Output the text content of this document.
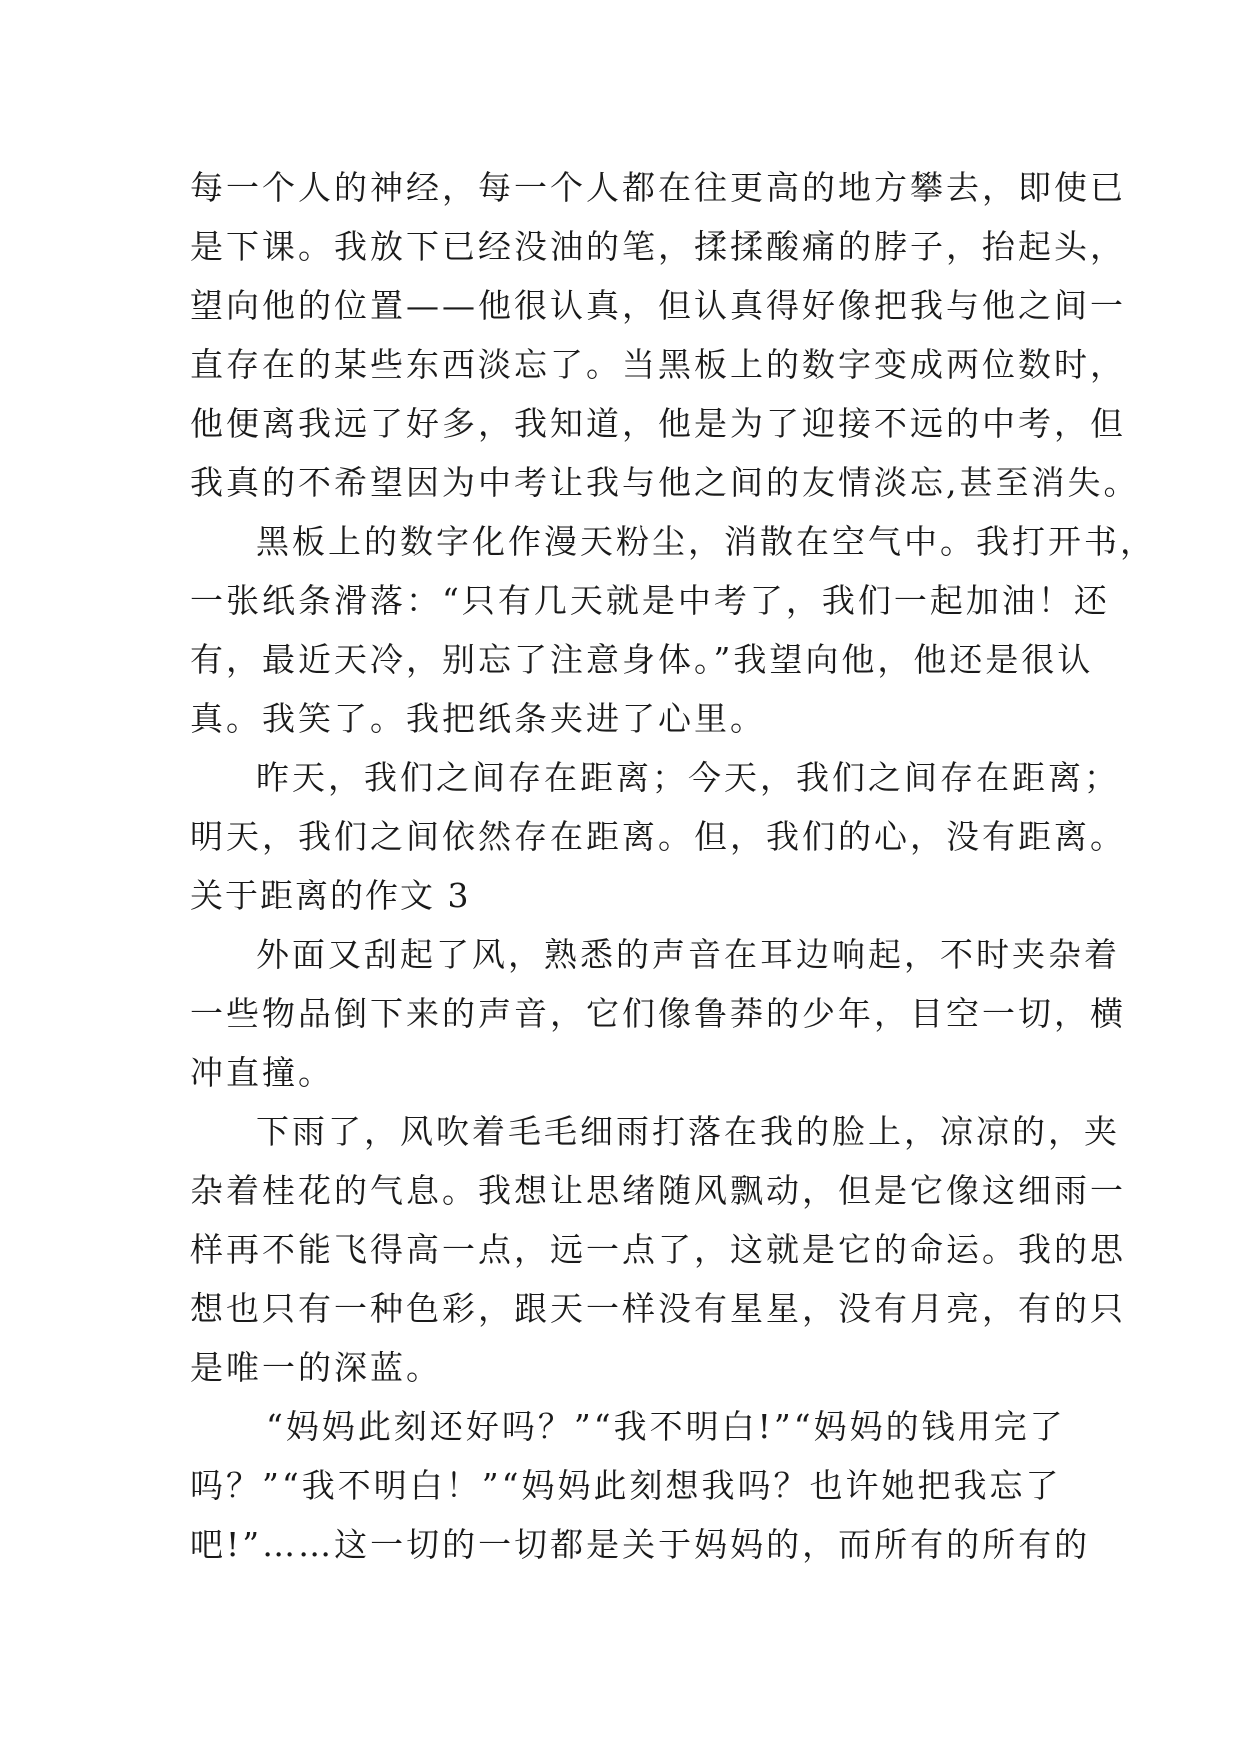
每一个人的神经，每一个人都在往更高的地方攀去，即使已
是下课。我放下已经没油的笔，揉揉酸痛的脖子，抬起头，
望向他的位置——他很认真，但认真得好像把我与他之间一
直存在的某些东西淡忘了。当黑板上的数字变成两位数时，
他便离我远了好多，我知道，他是为了迎接不远的中考，但
我真的不希望因为中考让我与他之间的友情淡忘,甚至消失。
黑板上的数字化作漫天粉尘，消散在空气中。我打开书，
一张纸条滑落：“只有几天就是中考了，我们一起加油！还
有，最近天冷，别忘了注意身体。”我望向他，他还是很认
真。我笑了。我把纸条夹进了心里。
昨天，我们之间存在距离；今天，我们之间存在距离；
明天，我们之间依然存在距离。但，我们的心，没有距离。
关于距离的作文 3
外面又刮起了风，熟悉的声音在耳边响起，不时夹杂着
一些物品倒下来的声音，它们像鲁莽的少年，目空一切，横
冲直撞。
下雨了，风吹着毛毛细雨打落在我的脸上，凉凉的，夹
杂着桂花的气息。我想让思绪随风飘动，但是它像这细雨一
样再不能飞得高一点，远一点了，这就是它的命运。我的思
想也只有一种色彩，跟天一样没有星星，没有月亮，有的只
是唯一的深蓝。
“妈妈此刻还好吗？”“我不明白!”“妈妈的钱用完了
吗？”“我不明白！”“妈妈此刻想我吗？也许她把我忘了
吧!”……这一切的一切都是关于妈妈的，而所有的所有的
